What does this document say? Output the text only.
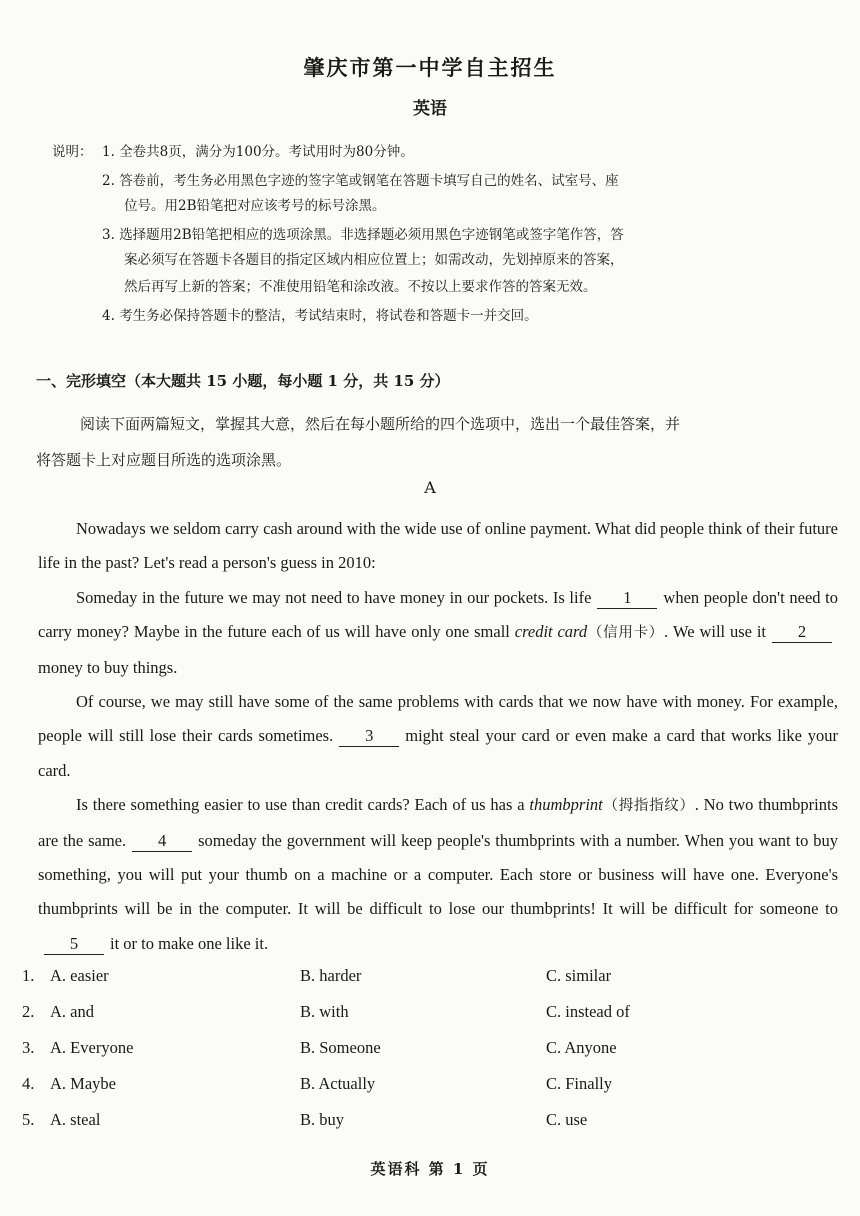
肇庆市第一中学自主招生
英语
说明： 1. 全卷共8页，满分为100分。考试用时为80分钟。
2. 答卷前，考生务必用黑色字迹的签字笔或钢笔在答题卡填写自己的姓名、试室号、座
位号。用2B铅笔把对应该考号的标号涂黑。
3. 选择题用2B铅笔把相应的选项涂黑。非选择题必须用黑色字迹钢笔或签字笔作答，答
案必须写在答题卡各题目的指定区域内相应位置上；如需改动，先划掉原来的答案，
然后再写上新的答案；不准使用铅笔和涂改液。不按以上要求作答的答案无效。
4. 考生务必保持答题卡的整洁，考试结束时，将试卷和答题卡一并交回。
一、完形填空（本大题共 15 小题，每小题 1 分，共 15 分）
阅读下面两篇短文，掌握其大意，然后在每小题所给的四个选项中，选出一个最佳答案，并
将答题卡上对应题目所选的选项涂黑。
A

Nowadays we seldom carry cash around with the wide use of online payment. What did people think of their future life in the past? Let's read a person's guess in 2010:

Someday in the future we may not need to have money in our pockets. Is life 1 when people don't need to carry money? Maybe in the future each of us will have only one small credit card（信用卡）. We will use it 2money to buy things.

Of course, we may still have some of the same problems with cards that we now have with money. For example, people will still lose their cards sometimes. 3 might steal your card or even make a card that works like your card.

Is there something easier to use than credit cards? Each of us has a thumbprint（拇指指纹）. No two thumbprints are the same. 4 someday the government will keep people's thumbprints with a number. When you want to buy something, you will put your thumb on a machine or a computer. Each store or business will have one. Everyone's thumbprints will be in the computer. It will be difficult to lose our thumbprints! It will be difficult for someone to5 it or to make one like it.

1. A. easier	B. harder	C. similar
2. A. and	B. with	C. instead of
3. A. Everyone	B. Someone	C. Anyone
4. A. Maybe	B. Actually	C. Finally
5. A. steal	B. buy	C. use
英语科 第 1 页
